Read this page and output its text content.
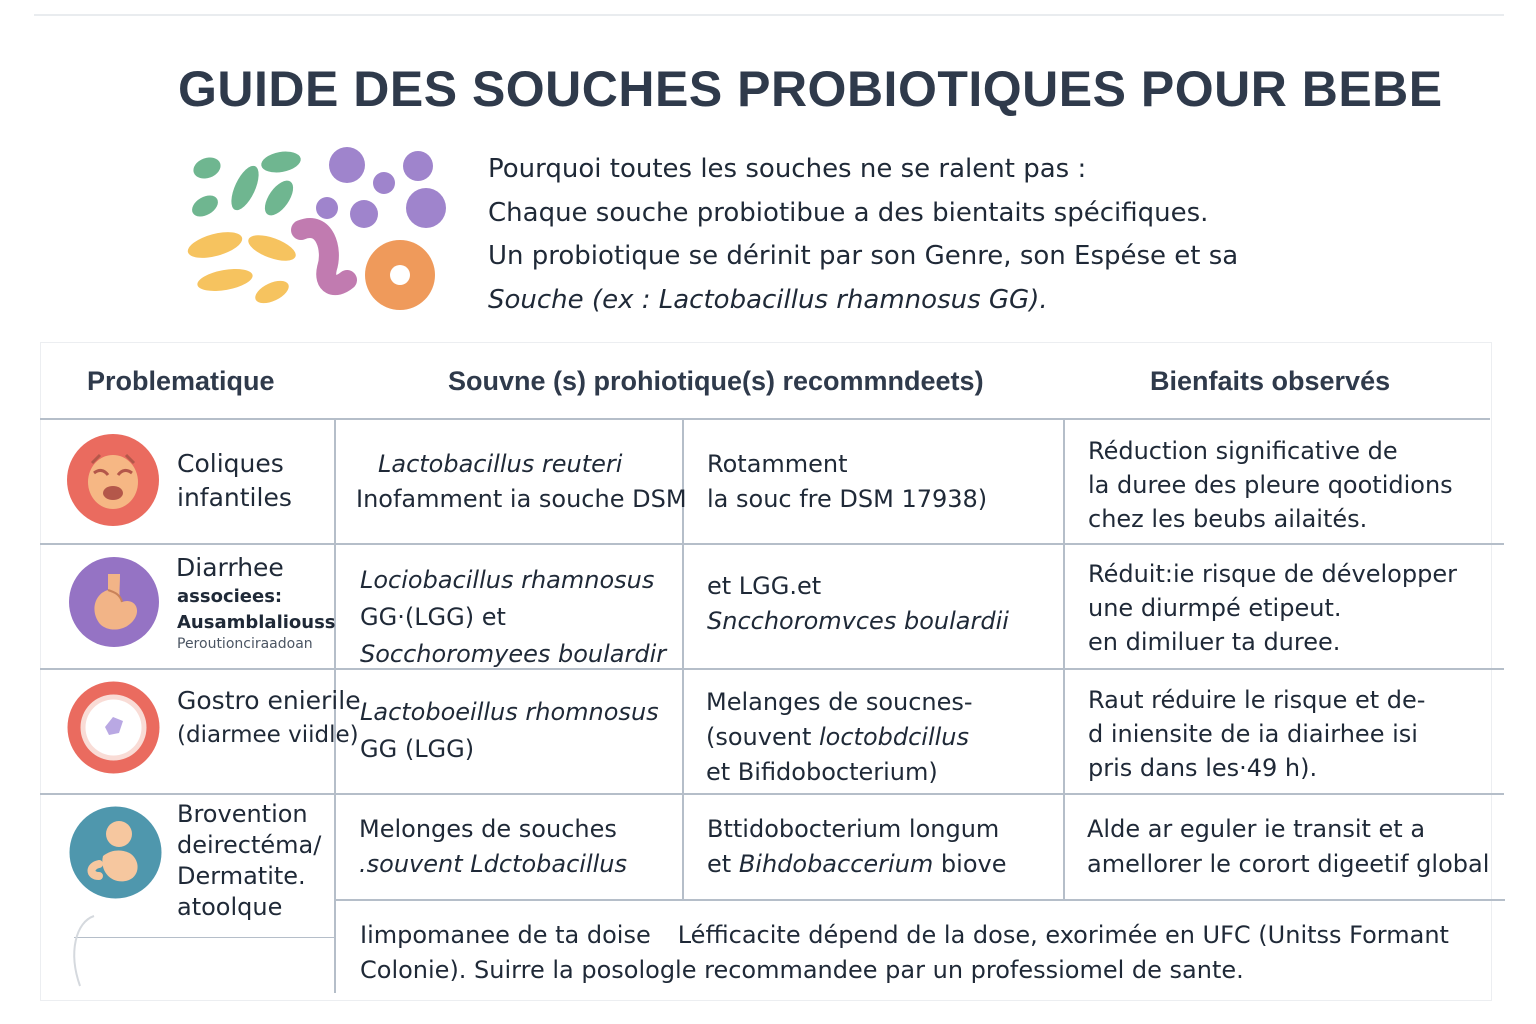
GUIDE DES SOUCHES PROBIOTIQUES POUR BEBE
Pourquoi toutes les souches ne se ralent pas :
Chaque souche probiotibue a des bientaits spécifiques.
Un probiotique se dérinit par son Genre, son Espése et sa
Souche (ex : Lactobacillus rhamnosus GG).
Problematique	Souvne (s) prohiotique(s) recommndeets)	Bienfaits observés
Coliques
infantiles
Lactobacillus reuteri
Inofamment ia souche DSM
Rotamment
la souc fre DSM 17938)
Réduction significative de
la duree des pleure qootidions
chez les beubs ailaités.
Diarrhee
associees:
Ausamblaliouss
Peroutionciraadoan
Lociobacillus rhamnosus
GG·(LGG) et
Socchoromyees boulardir
et LGG.et
Sncchoromvces boulardii
Réduit:ie risque de développer
une diurmpé etipeut.
en dimiluer ta duree.
Gostro enierile
(diarmee viidle)
Lactoboeillus rhomnosus
GG (LGG)
Melanges de soucnes-
(souvent loctobdcillus
et Bifidobocterium)
Raut réduire le risque et de-
d iniensite de ia diairhee isi
pris dans les·49 h).
Brovention
deirectéma/
Dermatite.
atoolque
Melonges de souches
.souvent Ldctobacillus
Bttidobocterium longum
et Bihdobaccerium biove
Alde ar eguler ie transit et a
amellorer le corort digeetif global
Iimpomanee de ta doise Léfficacite dépend de la dose, exorimée en UFC (Unitss Formant
Colonie). Suirre la posologle recommandee par un professiomel de sante.
